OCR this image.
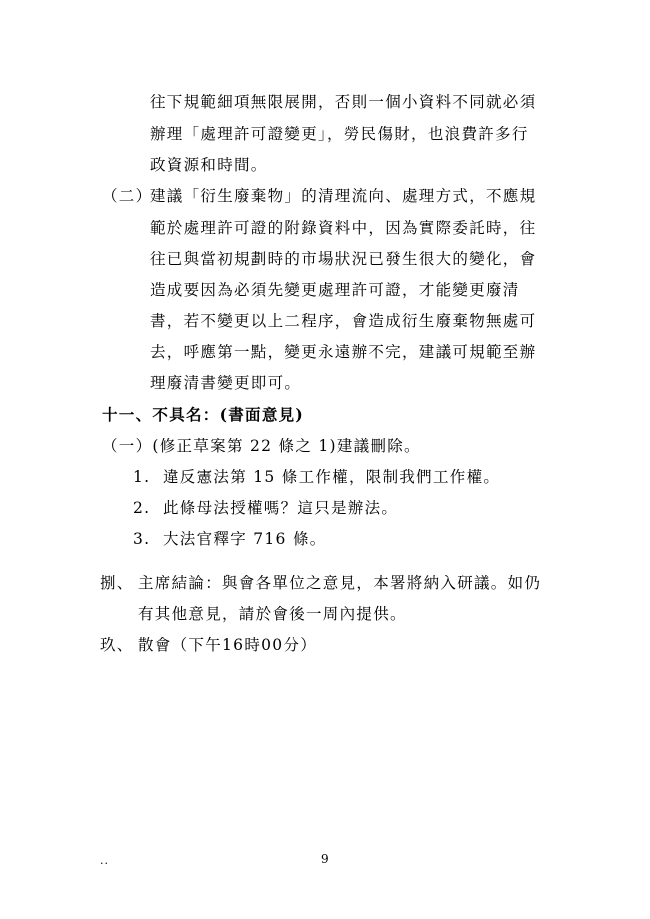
往下規範細項無限展開，否則一個小資料不同就必須
辦理「處理許可證變更」，勞民傷財，也浪費許多行
政資源和時間。
（二）
建議「衍生廢棄物」的清理流向、處理方式，不應規
範於處理許可證的附錄資料中，因為實際委託時，往
往已與當初規劃時的市場狀況已發生很大的變化，會
造成要因為必須先變更處理許可證，才能變更廢清
書，若不變更以上二程序，會造成衍生廢棄物無處可
去，呼應第一點，變更永遠辦不完，建議可規範至辦
理廢清書變更即可。
十一、不具名：(書面意見)
（一）(修正草案第 22 條之 1)建議刪除。
1. 違反憲法第 15 條工作權，限制我們工作權。
2. 此條母法授權嗎？這只是辦法。
3. 大法官釋字 716 條。
捌、 主席結論：與會各單位之意見，本署將納入研議。如仍
有其他意見，請於會後一周內提供。
玖、 散會（下午16時00分）
..	9
